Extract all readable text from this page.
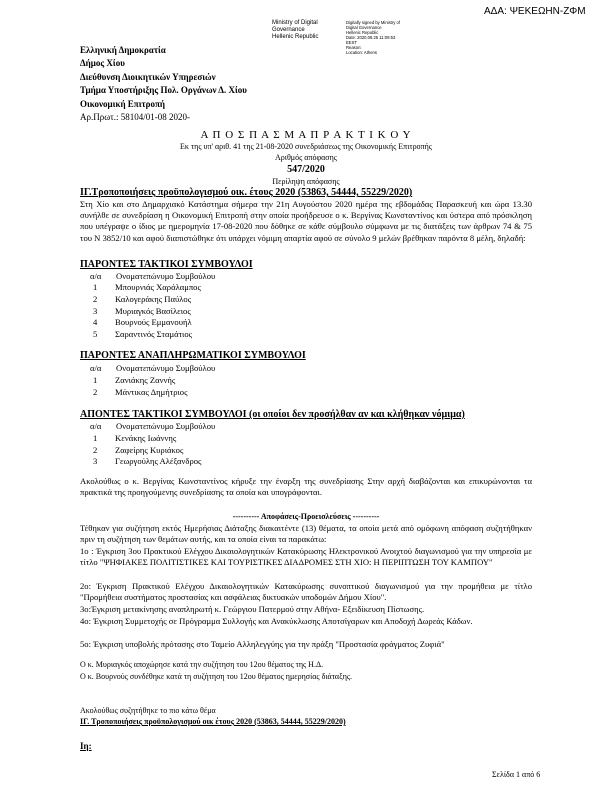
ΑΔΑ: ΨΕΚΕΩΗΝ-ΖΦΜ
Ministry of Digital
Governance
Hellenic Republic
Digitally signed by Ministry of
Digital Governance
Hellenic Republic
Date: 2020.08.25 11:09:53
EEST
Reason:
Location: Athens
Ελληνική Δημοκρατία
Δήμος Χίου
Διεύθυνση Διοικητικών Υπηρεσιών
Τμήμα Υποστήριξης Πολ. Οργάνων Δ. Χίου
Οικονομική Επιτροπή
Αρ.Πρωτ.: 58104/01-08 2020-
Α Π Ο Σ Π Α Σ Μ Α Π Ρ Α Κ Τ Ι Κ Ο Υ
Εκ της υπ' αριθ. 41 της 21-08-2020 συνεδριάσεως της Οικονομικής Επιτροπής
Αριθμός απόφασης
547/2020
Περίληψη απόφασης
ΙΓ.Τροποποιήσεις προϋπολογισμού οικ. έτους 2020 (53863, 54444, 55229/2020)
Στη Χίο και στο Δημαρχιακό Κατάστημα σήμερα την 21η Αυγούστου 2020 ημέρα της εβδομάδας Παρασκευή και ώρα 13.30 συνήλθε σε συνεδρίαση η Οικονομική Επιτροπή στην οποία προήδρευσε ο κ. Βεργίνας Κωνσταντίνος και ύστερα από πρόσκληση που υπέγραψε ο ίδιος με ημερομηνία 17-08-2020 που δόθηκε σε κάθε σύμβουλο σύμφωνα με τις διατάξεις των άρθρων 74 & 75 του Ν 3852/10 και αφού διαπιστώθηκε ότι υπάρχει νόμιμη απαρτία αφού σε σύνολο 9 μελών βρέθηκαν παρόντα 8 μέλη, δηλαδή:
ΠΑΡΟΝΤΕΣ ΤΑΚΤΙΚΟΙ ΣΥΜΒΟΥΛΟΙ
α/α	Ονοματεπώνυμο Συμβούλου
1	Μπουρνιάς Χαράλαμπος
2	Καλογεράκης Παύλος
3	Μυριαγκός Βασίλειος
4	Βουρνούς Εμμανουήλ
5	Σαραντινός Σταμάτιος
ΠΑΡΟΝΤΕΣ ΑΝΑΠΛΗΡΩΜΑΤΙΚΟΙ ΣΥΜΒΟΥΛΟΙ
α/α	Ονοματεπώνυμο Συμβούλου
1	Ζανιάκης Ζαννής
2	Μάντικας Δημήτριος
ΑΠΟΝΤΕΣ ΤΑΚΤΙΚΟΙ ΣΥΜΒΟΥΛΟΙ (οι οποίοι δεν προσήλθαν αν και κλήθηκαν νόμιμα)
α/α	Ονοματεπώνυμο Συμβούλου
1	Κενάκης Ιωάννης
2	Ζαφείρης Κυριάκος
3	Γεωργούλης Αλέξανδρος
Ακολούθως ο κ. Βεργίνας Κωνσταντίνος κήρυξε την έναρξη της συνεδρίασης Στην αρχή διαβάζονται και επικυρώνονται τα πρακτικά της προηγούμενης συνεδρίασης τα οποία και υπογράφονται.
---------- Αποφάσεις-Προεισλεύσεις ----------
Τέθηκαν για συζήτηση εκτός Ημερήσιας Διάταξης διακαιτέντε (13) θέματα, τα οποία μετά από ομόφωνη απόφαση συζητήθηκαν πριν τη συζήτηση των θεμάτων αυτής, και τα οποία είναι τα παρακάτω:
1ο : Έγκριση 3ου Πρακτικού Ελέγχου Δικαιολογητικών Κατακύρωσης Ηλεκτρονικού Ανοιχτού διαγωνισμού για την υπηρεσία με τίτλο "ΨΗΦΙΑΚΕΣ ΠΟΛΙΤΙΣΤΙΚΕΣ ΚΑΙ ΤΟΥΡΙΣΤΙΚΕΣ ΔΙΑΔΡΟΜΕΣ ΣΤΗ ΧΙΟ: Η ΠΕΡΙΠΤΩΣΗ ΤΟΥ ΚΑΜΠΟΥ"
2ο: Έγκριση Πρακτικού Ελέγχου Δικαιολογητικών Κατακύρωσης συνοπτικού διαγωνισμού για την προμήθεια με τίτλο "Προμήθεια συστήματος προστασίας και ασφάλειας δικτυακών υποδομών Δήμου Χίου".
3ο:Έγκριση μετακίνησης αναπληρωτή κ. Γεώργιου Πατερμού στην Αθήνα- Εξειδίκευση Πίστωσης.
4ο: Έγκριση Συμμετοχής σε Πρόγραμμα Συλλογής και Ανακύκλωσης Αποτσίγαρων και Αποδοχή Δωρεάς Κάδων.
5ο: Έγκριση υποβολής πρότασης στο Ταμείο Αλληλεγγύης για την πράξη "Προστασία φράγματος Ζυφιά"
Ο κ. Μυριαγκός αποχώρησε κατά την συζήτηση του 12ου θέματος της Η.Δ.
Ο κ. Βουρνούς συνδέθηκε κατά τη συζήτηση του 12ου θέματος ημερησίας διάταξης.
Ακολούθως συζητήθηκε το πιο κάτω θέμα
ΙΓ. Τροποποιήσεις προϋπολογισμού οικ έτους 2020 (53863, 54444, 55229/2020)
Ιη:
Σελίδα 1 από 6
